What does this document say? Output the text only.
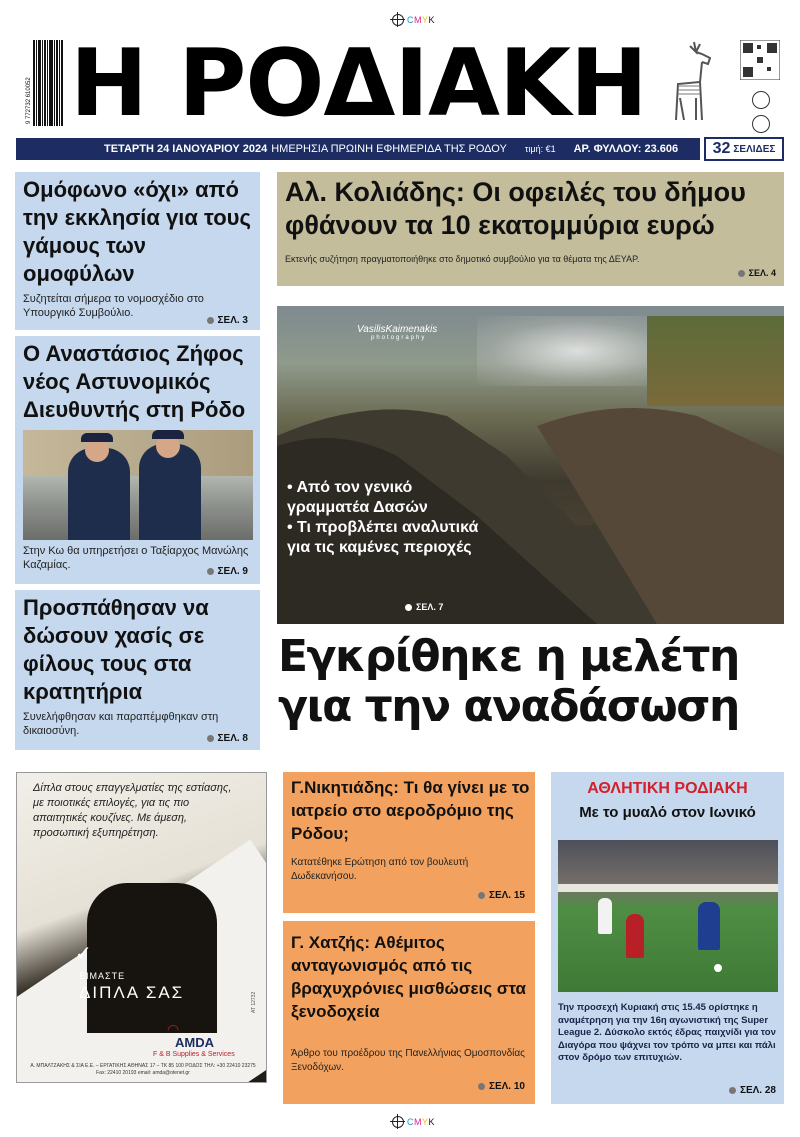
CMYK
9 772732 610052 Η ΡΟΔΙΑΚΗ
ΤΕΤΑΡΤΗ 24 ΙΑΝΟΥΑΡΙΟΥ 2024 ΗΜΕΡΗΣΙΑ ΠΡΩΙΝΗ ΕΦΗΜΕΡΙΔΑ ΤΗΣ ΡΟΔΟΥ τιμή: €1 ΑΡ. ΦΥΛΛΟΥ: 23.606 32 ΣΕΛΙΔΕΣ
Ομόφωνο «όχι» από την εκκλησία για τους γάμους των ομοφύλων
Συζητείται σήμερα το νομοσχέδιο στο Υπουργικό Συμβούλιο.
ΣΕΛ. 3
Ο Αναστάσιος Ζήφος νέος Αστυνομικός Διευθυντής στη Ρόδο
Στην Κω θα υπηρετήσει ο Ταξίαρχος Μανώλης Καζαμίας.
ΣΕΛ. 9
Προσπάθησαν να δώσουν χασίς σε φίλους τους στα κρατητήρια
Συνελήφθησαν και παραπέμφθηκαν στη δικαιοσύνη.
ΣΕΛ. 8
Αλ. Κολιάδης: Οι οφειλές του δήμου φθάνουν τα 10 εκατομμύρια ευρώ
Εκτενής συζήτηση πραγματοποιήθηκε στο δημοτικό συμβούλιο για τα θέματα της ΔΕΥΑΡ.
ΣΕΛ. 4
VasilisKaimenakis
photography
• Από τον γενικό γραμματέα Δασών
• Τι προβλέπει αναλυτικά για τις καμένες περιοχές
ΣΕΛ. 7
Εγκρίθηκε η μελέτη
για την αναδάσωση
Δίπλα στους επαγγελματίες της εστίασης, με ποιοτικές επιλογές, για τις πιο απαιτητικές κουζίνες. Με άμεση, προσωπική εξυπηρέτηση.
✓
ΕΙΜΑΣΤΕ
ΔΙΠΛΑ ΣΑΣ
◠
AMDA
F & B Supplies & Services
Α. ΜΠΑΛΤΖΑΚΗΣ & ΣΙΑ Ε.Ε. – ΕΡΓΑΤΙΚΗΣ ΑΘΗΝΑΣ 17 – ΤΚ 85 100 ΡΟΔΟΣ ΤΗΛ: +30 22410 23275 Fax: 22410 20193 email: amda@otenet.gr
ΑΤ 12732
Γ.Νικητιάδης: Τι θα γίνει με το ιατρείο στο αεροδρόμιο της Ρόδου;
Κατατέθηκε Ερώτηση από τον βουλευτή Δωδεκανήσου.
ΣΕΛ. 15
Γ. Χατζής: Αθέμιτος ανταγωνισμός από τις βραχυχρόνιες μισθώσεις στα ξενοδοχεία
Άρθρο του προέδρου της Πανελλήνιας Ομοσπονδίας Ξενοδόχων.
ΣΕΛ. 10
ΑΘΛΗΤΙΚΗ ΡΟΔΙΑΚΗ
Με το μυαλό στον Ιωνικό
Την προσεχή Κυριακή στις 15.45 ορίστηκε η αναμέτρηση για την 16η αγωνιστική της Super League 2. Δύσκολο εκτός έδρας παιχνίδι για τον Διαγόρα που ψάχνει τον τρόπο να μπει και πάλι στον δρόμο των επιτυχιών.
ΣΕΛ. 28
CMYK
